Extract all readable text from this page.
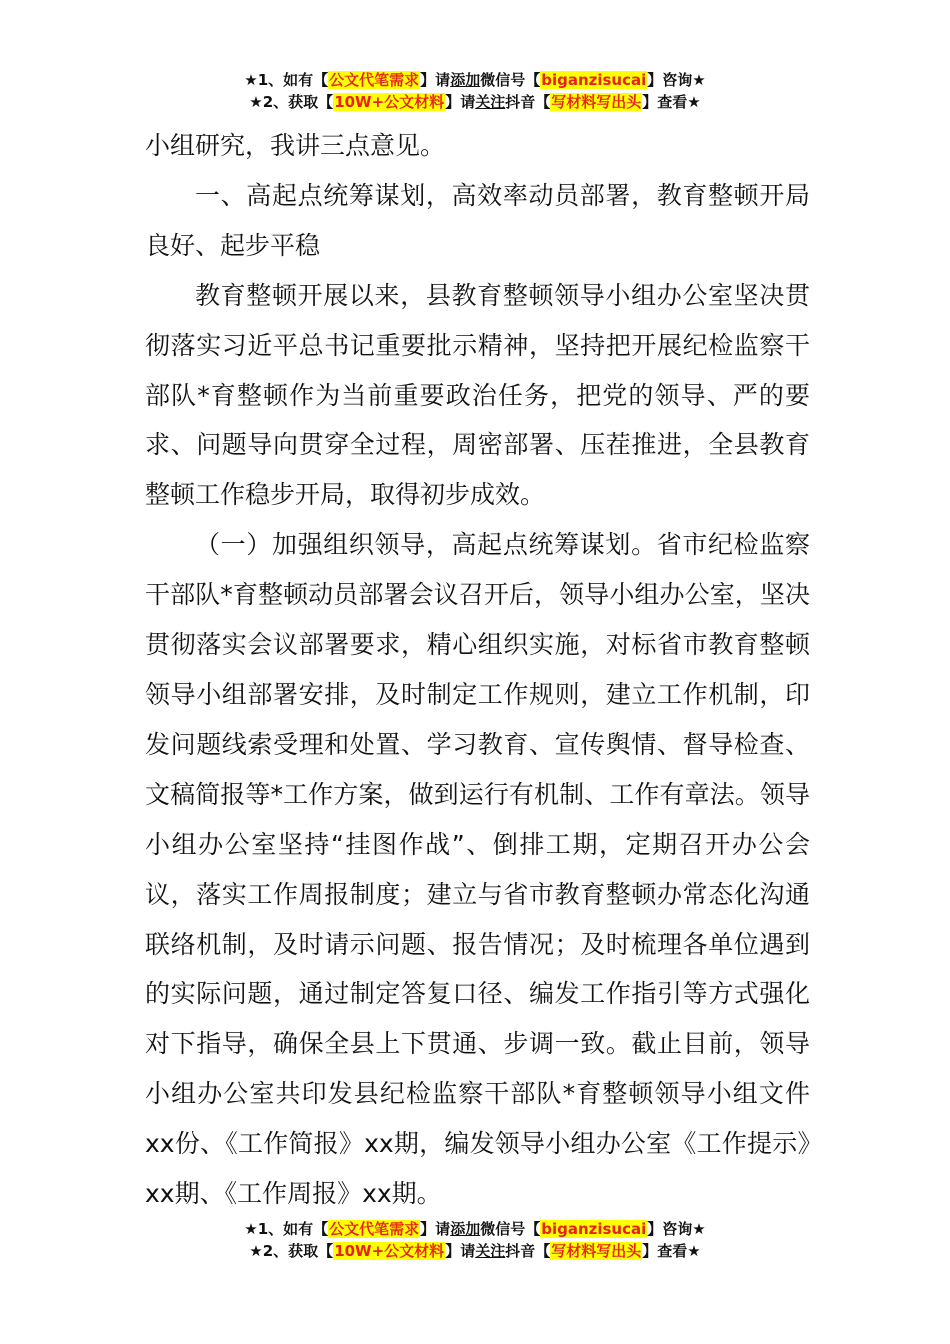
★1、如有【公文代笔需求】请添加微信号【biganzisucai】咨询★
★2、获取【10W+公文材料】请关注抖音【写材料写出头】查看★

小组研究，我讲三点意见。

一、高起点统筹谋划，高效率动员部署，教育整顿开局良好、起步平稳

教育整顿开展以来，县教育整顿领导小组办公室坚决贯彻落实习近平总书记重要批示精神，坚持把开展纪检监察干部队*育整顿作为当前重要政治任务，把党的领导、严的要求、问题导向贯穿全过程，周密部署、压茬推进，全县教育整顿工作稳步开局，取得初步成效。

（一）加强组织领导，高起点统筹谋划。省市纪检监察干部队*育整顿动员部署会议召开后，领导小组办公室，坚决贯彻落实会议部署要求，精心组织实施，对标省市教育整顿领导小组部署安排，及时制定工作规则，建立工作机制，印发问题线索受理和处置、学习教育、宣传舆情、督导检查、文稿简报等*工作方案，做到运行有机制、工作有章法。领导小组办公室坚持“挂图作战”、倒排工期，定期召开办公会议，落实工作周报制度；建立与省市教育整顿办常态化沟通联络机制，及时请示问题、报告情况；及时梳理各单位遇到的实际问题，通过制定答复口径、编发工作指引等方式强化对下指导，确保全县上下贯通、步调一致。截止目前，领导小组办公室共印发县纪检监察干部队*育整顿领导小组文件xx份、《工作简报》xx期，编发领导小组办公室《工作提示》xx期、《工作周报》xx期。

★1、如有【公文代笔需求】请添加微信号【biganzisucai】咨询★
★2、获取【10W+公文材料】请关注抖音【写材料写出头】查看★
